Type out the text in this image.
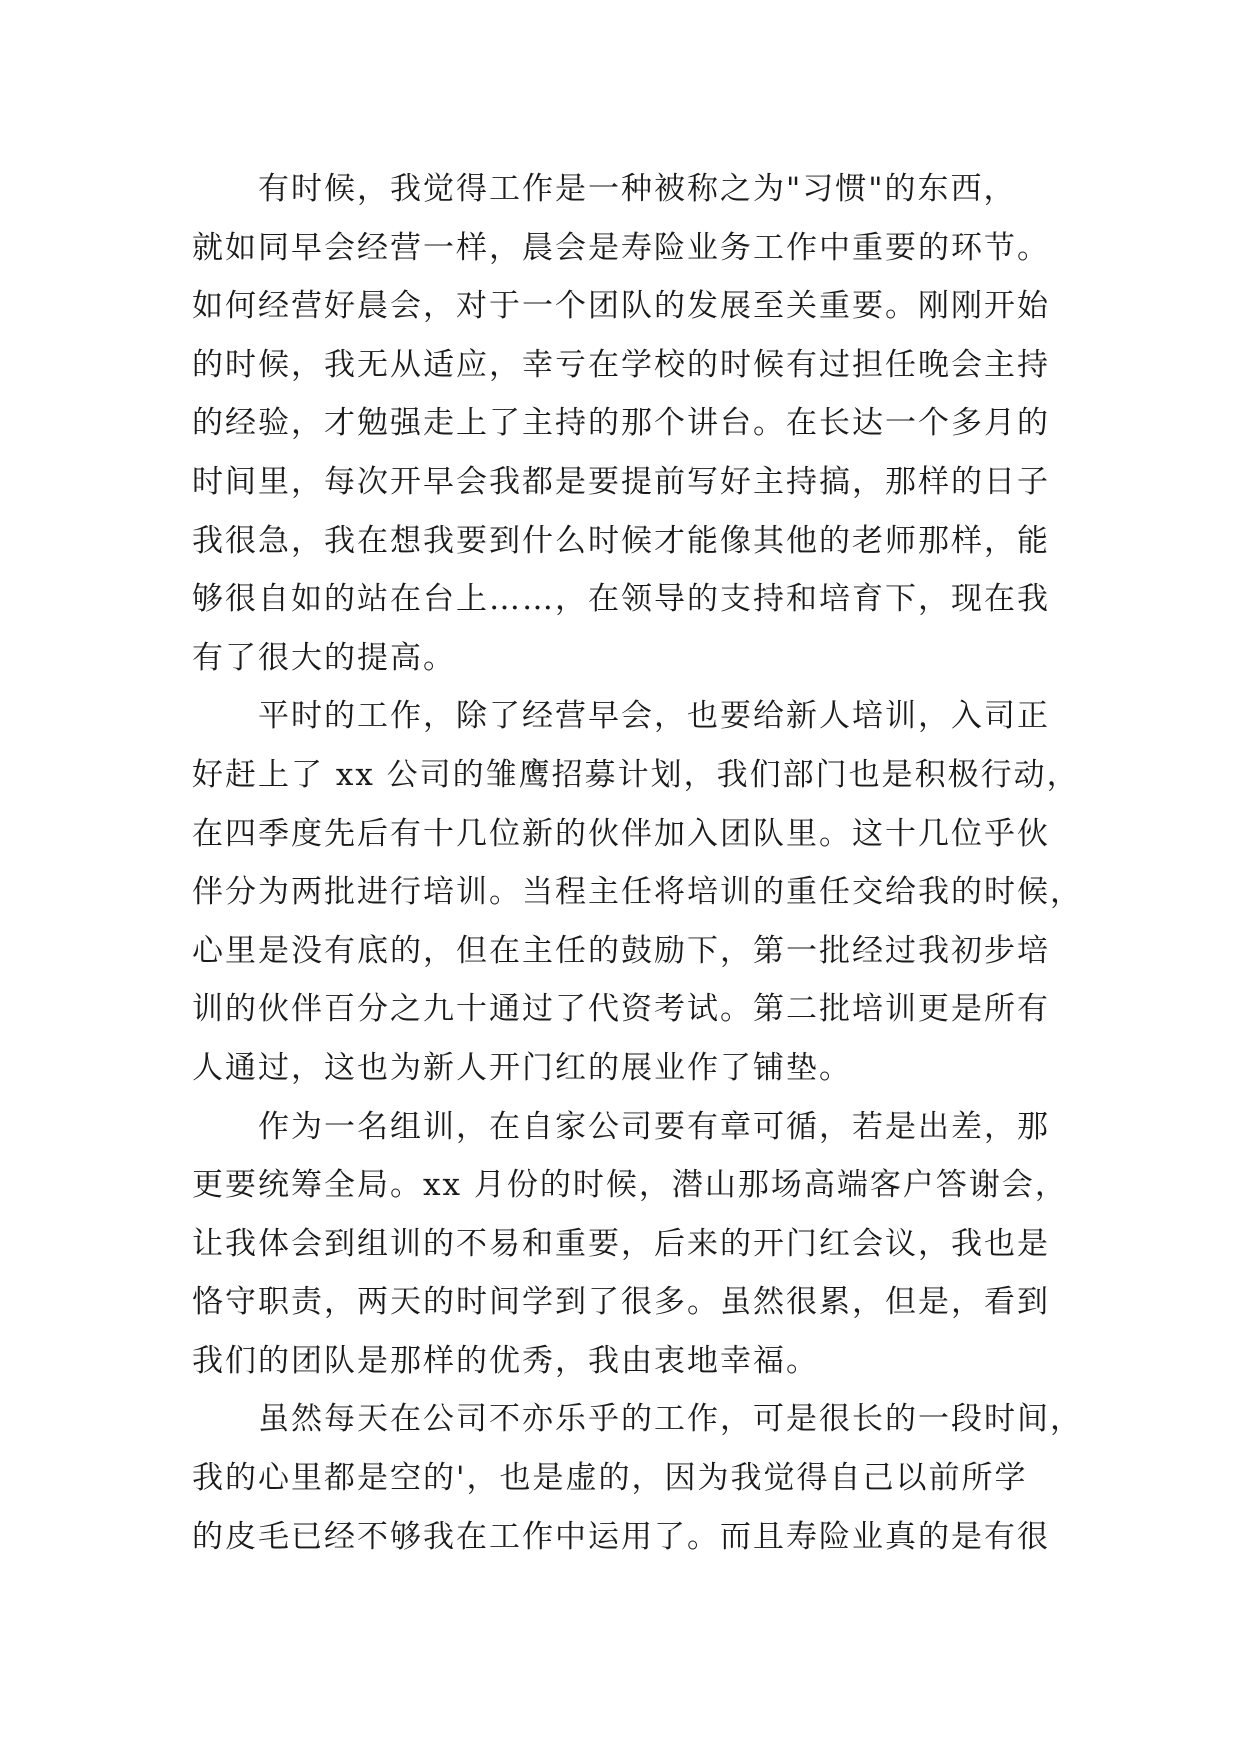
有时候，我觉得工作是一种被称之为"习惯"的东西，
就如同早会经营一样，晨会是寿险业务工作中重要的环节。
如何经营好晨会，对于一个团队的发展至关重要。刚刚开始
的时候，我无从适应，幸亏在学校的时候有过担任晚会主持
的经验，才勉强走上了主持的那个讲台。在长达一个多月的
时间里，每次开早会我都是要提前写好主持搞，那样的日子
我很急，我在想我要到什么时候才能像其他的老师那样，能
够很自如的站在台上……，在领导的支持和培育下，现在我
有了很大的提高。
平时的工作，除了经营早会，也要给新人培训，入司正
好赶上了 xx 公司的雏鹰招募计划，我们部门也是积极行动，
在四季度先后有十几位新的伙伴加入团队里。这十几位乎伙
伴分为两批进行培训。当程主任将培训的重任交给我的时候，
心里是没有底的，但在主任的鼓励下，第一批经过我初步培
训的伙伴百分之九十通过了代资考试。第二批培训更是所有
人通过，这也为新人开门红的展业作了铺垫。
作为一名组训，在自家公司要有章可循，若是出差，那
更要统筹全局。xx 月份的时候，潜山那场高端客户答谢会，
让我体会到组训的不易和重要，后来的开门红会议，我也是
恪守职责，两天的时间学到了很多。虽然很累，但是，看到
我们的团队是那样的优秀，我由衷地幸福。
虽然每天在公司不亦乐乎的工作，可是很长的一段时间，
我的心里都是空的'，也是虚的，因为我觉得自己以前所学
的皮毛已经不够我在工作中运用了。而且寿险业真的是有很
